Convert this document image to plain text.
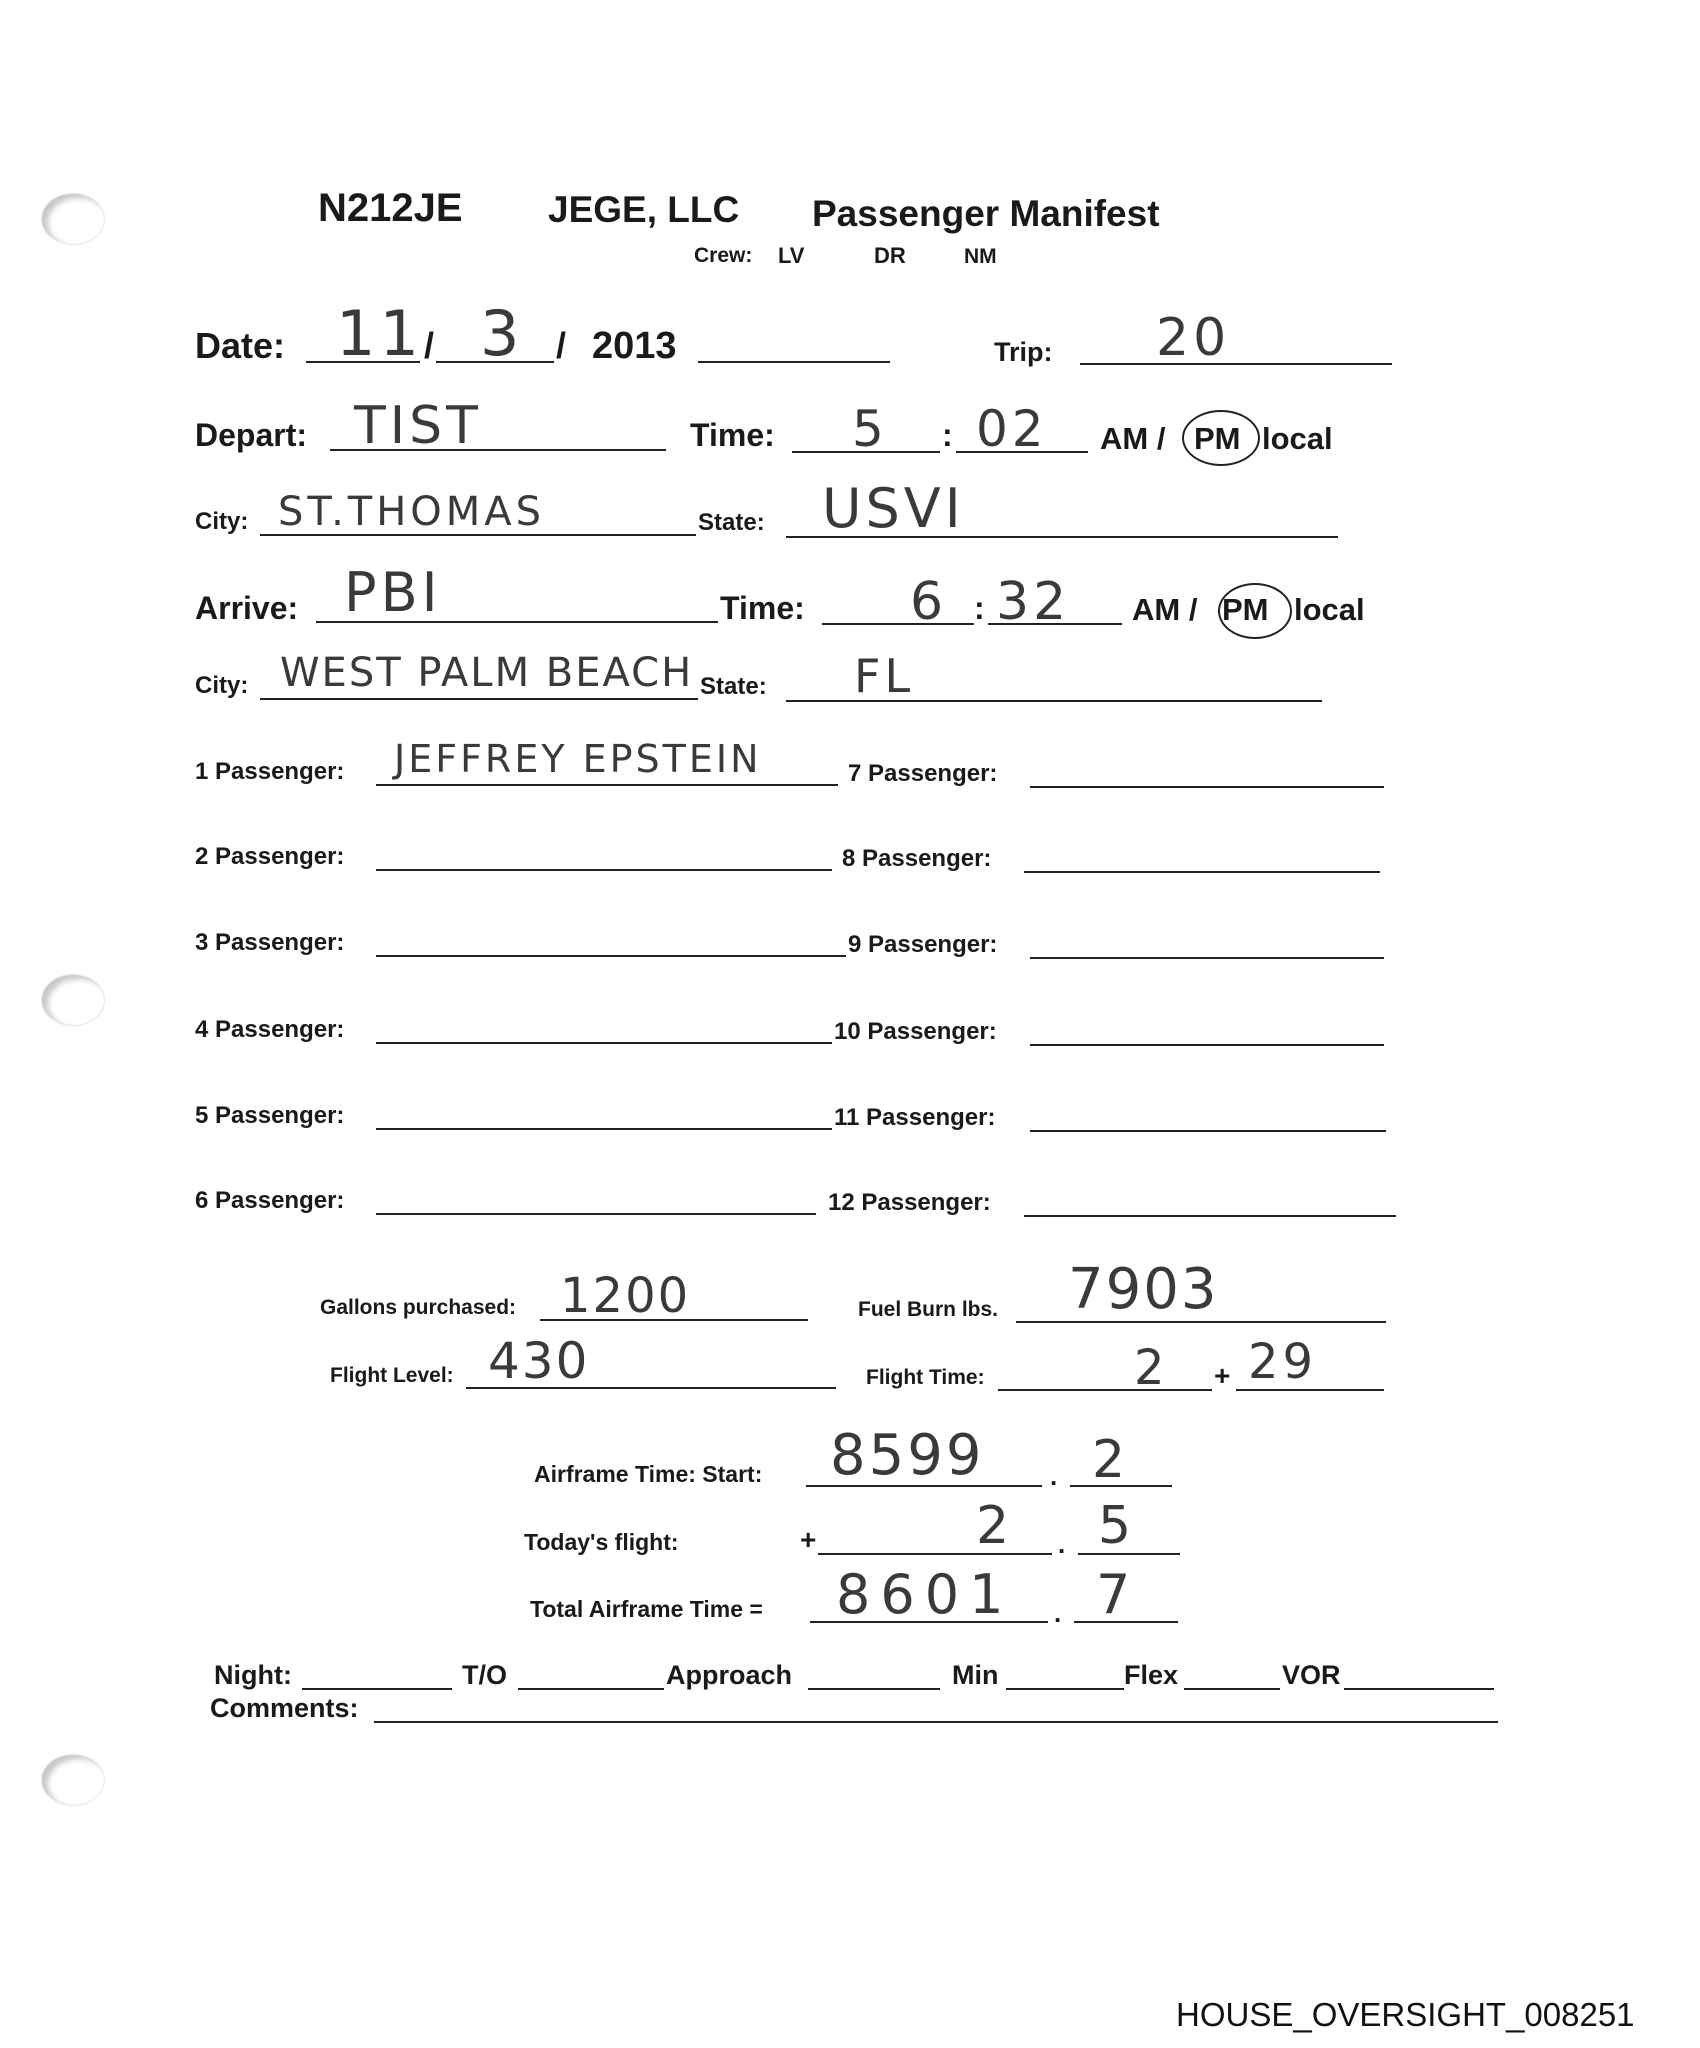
N212JE JEGE, LLC Passenger Manifest
Crew: LV	DR	NM
Date: 11 / 3 / 2013	Trip: 20
Depart: TIST	Time: 5 : 02 AM / PM local
City: ST.THOMAS	State: USVI
Arrive: PBI	Time: 6 : 32 AM / PM local
City: WEST PALM BEACH State: FL
1 Passenger: JEFFREY EPSTEIN
2 Passenger:
3 Passenger:
4 Passenger:
5 Passenger:
6 Passenger:
7 Passenger:
8 Passenger:
9 Passenger:
10 Passenger:
11 Passenger:
12 Passenger:
Gallons purchased: 1200	Fuel Burn lbs. 7903
Flight Level: 430	Flight Time:	2 + 29
Airframe Time: Start: 8599	. 2
Today's flight:	+	2 . 5
Total Airframe Time = 8601 . 7
Night:	T/O	Approach	Min	Flex	VOR
Comments:
HOUSE_OVERSIGHT_008251
